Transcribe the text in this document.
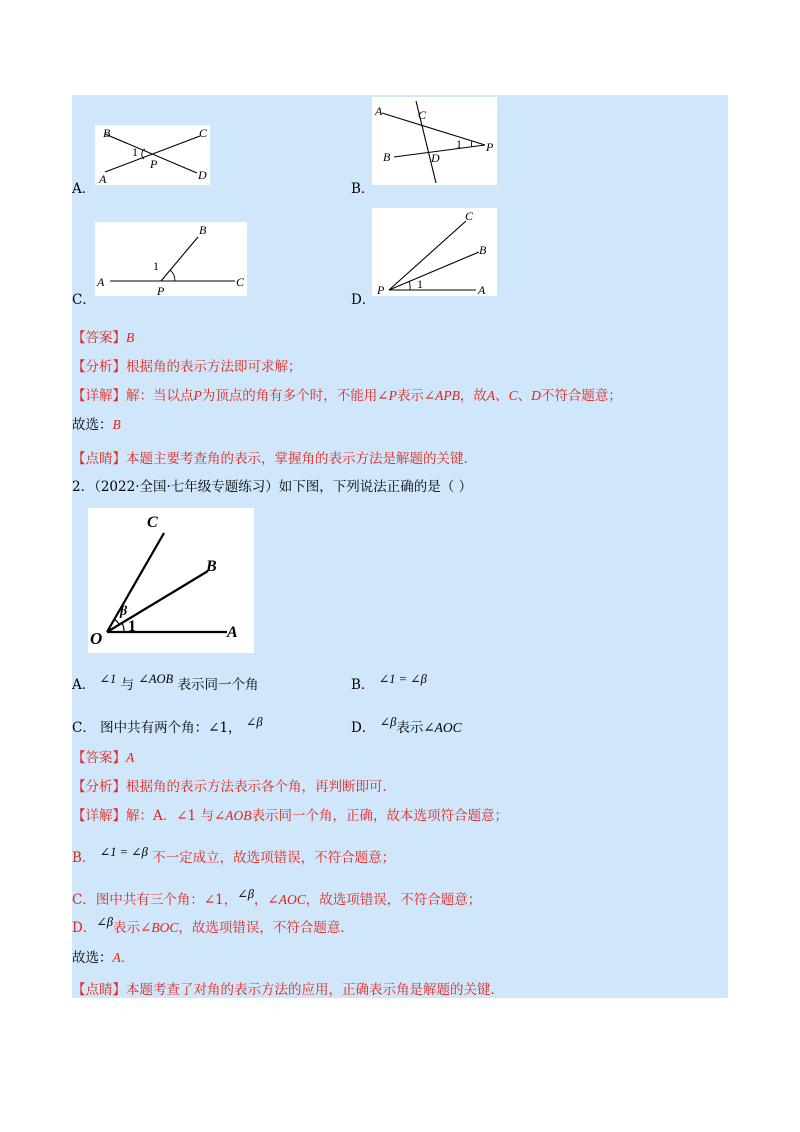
B	C
A	D
P
1
A．
A	C
B	D
P
1
B．
A
B
C
P
1
C．
A
B
C
P	1
D．
【答案】B
【分析】根据角的表示方法即可求解；
【详解】解：当以点P为顶点的角有多个时，不能用∠P表示∠APB，故A、C、D不符合题意；
故选：B
【点睛】本题主要考查角的表示，掌握角的表示方法是解题的关键.
2．（2022·全国·七年级专题练习）如下图，下列说法正确的是（ ）
C
B
O	A
β
1
A． ∠1 与 ∠AOB 表示同一个角	B． ∠1 = ∠β
C． 图中共有两个角：∠1， ∠β	D． ∠β表示∠AOC
【答案】A
【分析】根据角的表示方法表示各个角，再判断即可．
【详解】解：A．∠1 与∠AOB表示同一个角，正确，故本选项符合题意；
B． ∠1 = ∠β 不一定成立，故选项错误，不符合题意；
C．图中共有三个角：∠1，∠β，∠AOC，故选项错误，不符合题意；
D．∠β表示∠BOC，故选项错误，不符合题意．
故选：A．
【点睛】本题考查了对角的表示方法的应用，正确表示角是解题的关键．
